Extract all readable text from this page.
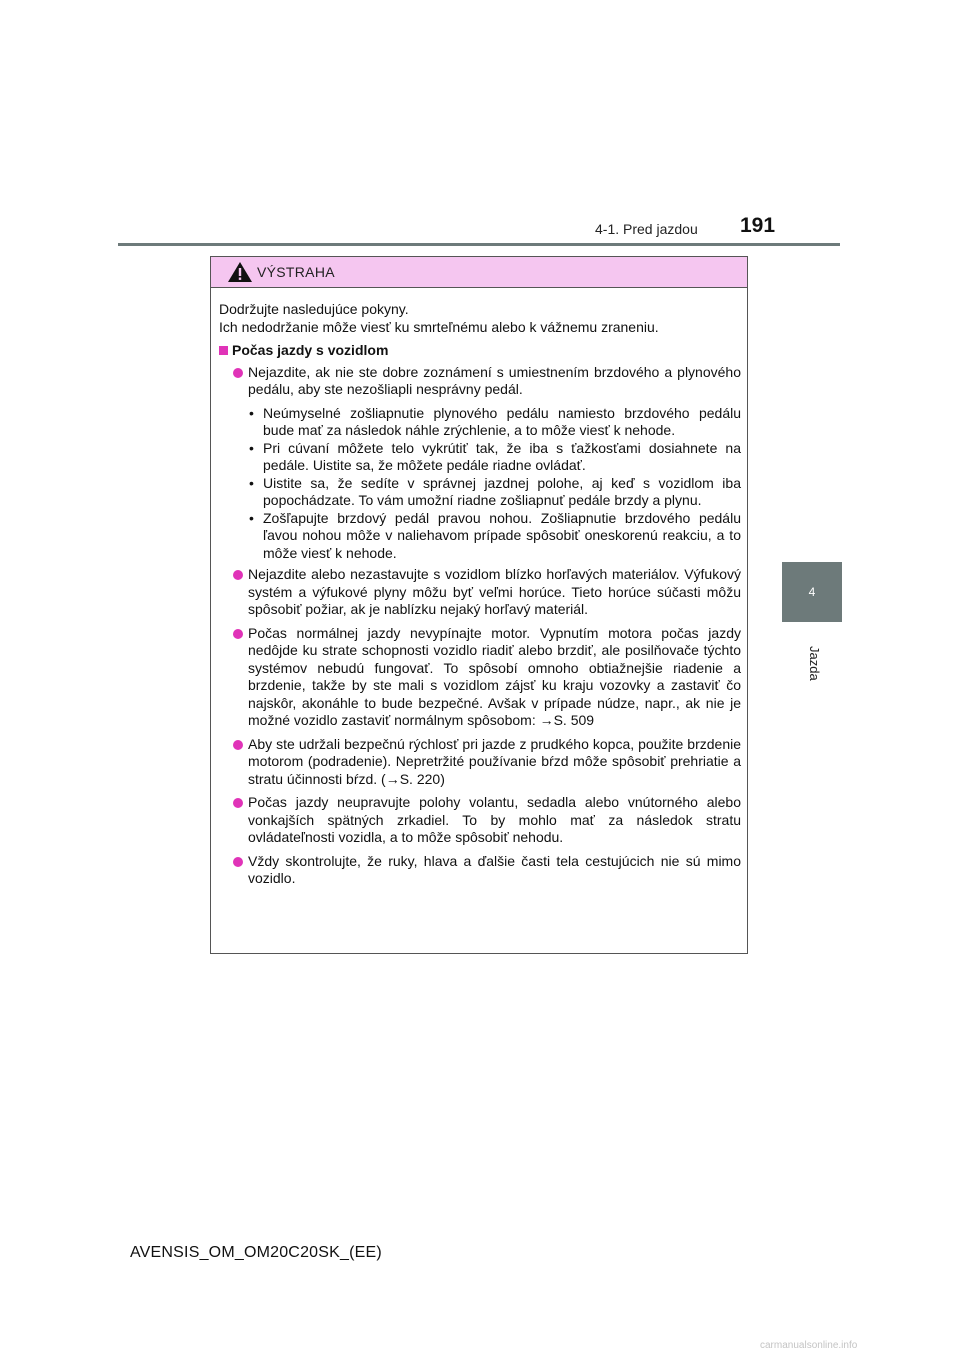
4-1. Pred jazdou 191
4
Jazda
VÝSTRAHA
Dodržujte nasledujúce pokyny.
Ich nedodržanie môže viesť ku smrteľnému alebo k vážnemu zraneniu.
Počas jazdy s vozidlom
Nejazdite, ak nie ste dobre zoznámení s umiestnením brzdového a plynového pedálu, aby ste nezošliapli nesprávny pedál.
• Neúmyselné zošliapnutie plynového pedálu namiesto brzdového pedálu bude mať za následok náhle zrýchlenie, a to môže viesť k nehode.
• Pri cúvaní môžete telo vykrútiť tak, že iba s ťažkosťami dosiahnete na pedále. Uistite sa, že môžete pedále riadne ovládať.
• Uistite sa, že sedíte v správnej jazdnej polohe, aj keď s vozidlom iba popochádzate. To vám umožní riadne zošliapnuť pedále brzdy a plynu.
• Zošľapujte brzdový pedál pravou nohou. Zošliapnutie brzdového pedálu ľavou nohou môže v naliehavom prípade spôsobiť oneskorenú reakciu, a to môže viesť k nehode.
Nejazdite alebo nezastavujte s vozidlom blízko horľavých materiálov. Výfukový systém a výfukové plyny môžu byť veľmi horúce. Tieto horúce súčasti môžu spôsobiť požiar, ak je nablízku nejaký horľavý materiál.
Počas normálnej jazdy nevypínajte motor. Vypnutím motora počas jazdy nedôjde ku strate schopnosti vozidlo riadiť alebo brzdiť, ale posilňovače týchto systémov nebudú fungovať. To spôsobí omnoho obtiažnejšie riadenie a brzdenie, takže by ste mali s vozidlom zájsť ku kraju vozovky a zastaviť čo najskôr, akonáhle to bude bezpečné. Avšak v prípade núdze, napr., ak nie je možné vozidlo zastaviť normálnym spôsobom: →S. 509
Aby ste udržali bezpečnú rýchlosť pri jazde z prudkého kopca, použite brzdenie motorom (podradenie). Nepretržité používanie bŕzd môže spôsobiť prehriatie a stratu účinnosti bŕzd. (→S. 220)
Počas jazdy neupravujte polohy volantu, sedadla alebo vnútorného alebo vonkajších spätných zrkadiel. To by mohlo mať za následok stratu ovládateľnosti vozidla, a to môže spôsobiť nehodu.
Vždy skontrolujte, že ruky, hlava a ďalšie časti tela cestujúcich nie sú mimo vozidlo.
AVENSIS_OM_OM20C20SK_(EE)
carmanualsonline.info
